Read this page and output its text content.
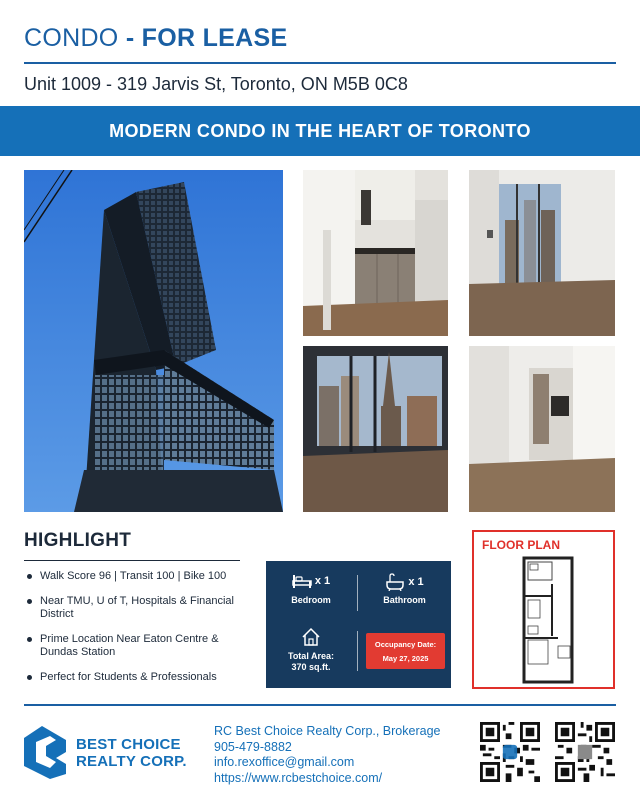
CONDO - FOR LEASE
Unit 1009 - 319 Jarvis St, Toronto, ON M5B 0C8
MODERN CONDO IN THE HEART OF TORONTO
HIGHLIGHT
Walk Score 96 | Transit 100 | Bike 100
Near TMU, U of T, Hospitals & Financial District
Prime Location Near Eaton Centre & Dundas Station
Perfect for Students & Professionals
x 1
Bedroom
x 1
Bathroom
Total Area:
370 sq.ft.
Occupancy Date:
May 27, 2025
FLOOR PLAN
BEST CHOICE
REALTY CORP.
RC Best Choice Realty Corp., Brokerage
905-479-8882
info.rexoffice@gmail.com
https://www.rcbestchoice.com/
